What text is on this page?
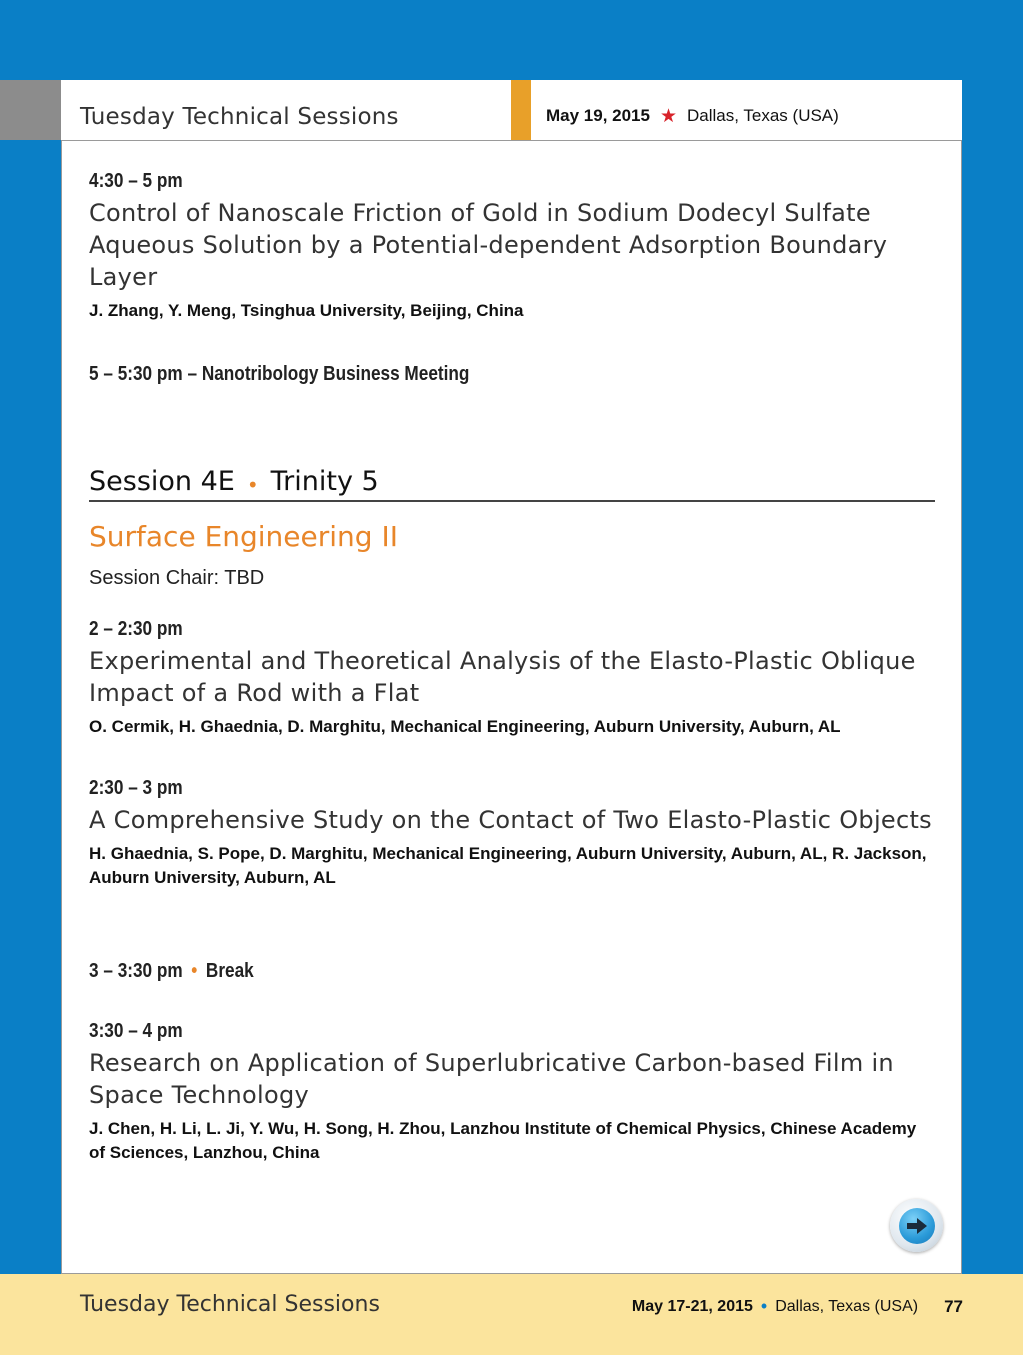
Tuesday Technical Sessions	May 19, 2015 ★ Dallas, Texas (USA)
4:30 – 5 pm
Control of Nanoscale Friction of Gold in Sodium Dodecyl Sulfate Aqueous Solution by a Potential-dependent Adsorption Boundary Layer
J. Zhang, Y. Meng, Tsinghua University, Beijing, China
5 – 5:30 pm – Nanotribology Business Meeting
Session 4E • Trinity 5
Surface Engineering II
Session Chair: TBD
2 – 2:30 pm
Experimental and Theoretical Analysis of the Elasto-Plastic Oblique Impact of a Rod with a Flat
O. Cermik, H. Ghaednia, D. Marghitu, Mechanical Engineering, Auburn University, Auburn, AL
2:30 – 3 pm
A Comprehensive Study on the Contact of Two Elasto-Plastic Objects
H. Ghaednia, S. Pope, D. Marghitu, Mechanical Engineering, Auburn University, Auburn, AL, R. Jackson, Auburn University, Auburn, AL
3 – 3:30 pm • Break
3:30 – 4 pm
Research on Application of Superlubricative Carbon-based Film in Space Technology
J. Chen, H. Li, L. Ji, Y. Wu, H. Song, H. Zhou, Lanzhou Institute of Chemical Physics, Chinese Academy of Sciences, Lanzhou, China
Tuesday Technical Sessions	May 17-21, 2015 • Dallas, Texas (USA) 77
